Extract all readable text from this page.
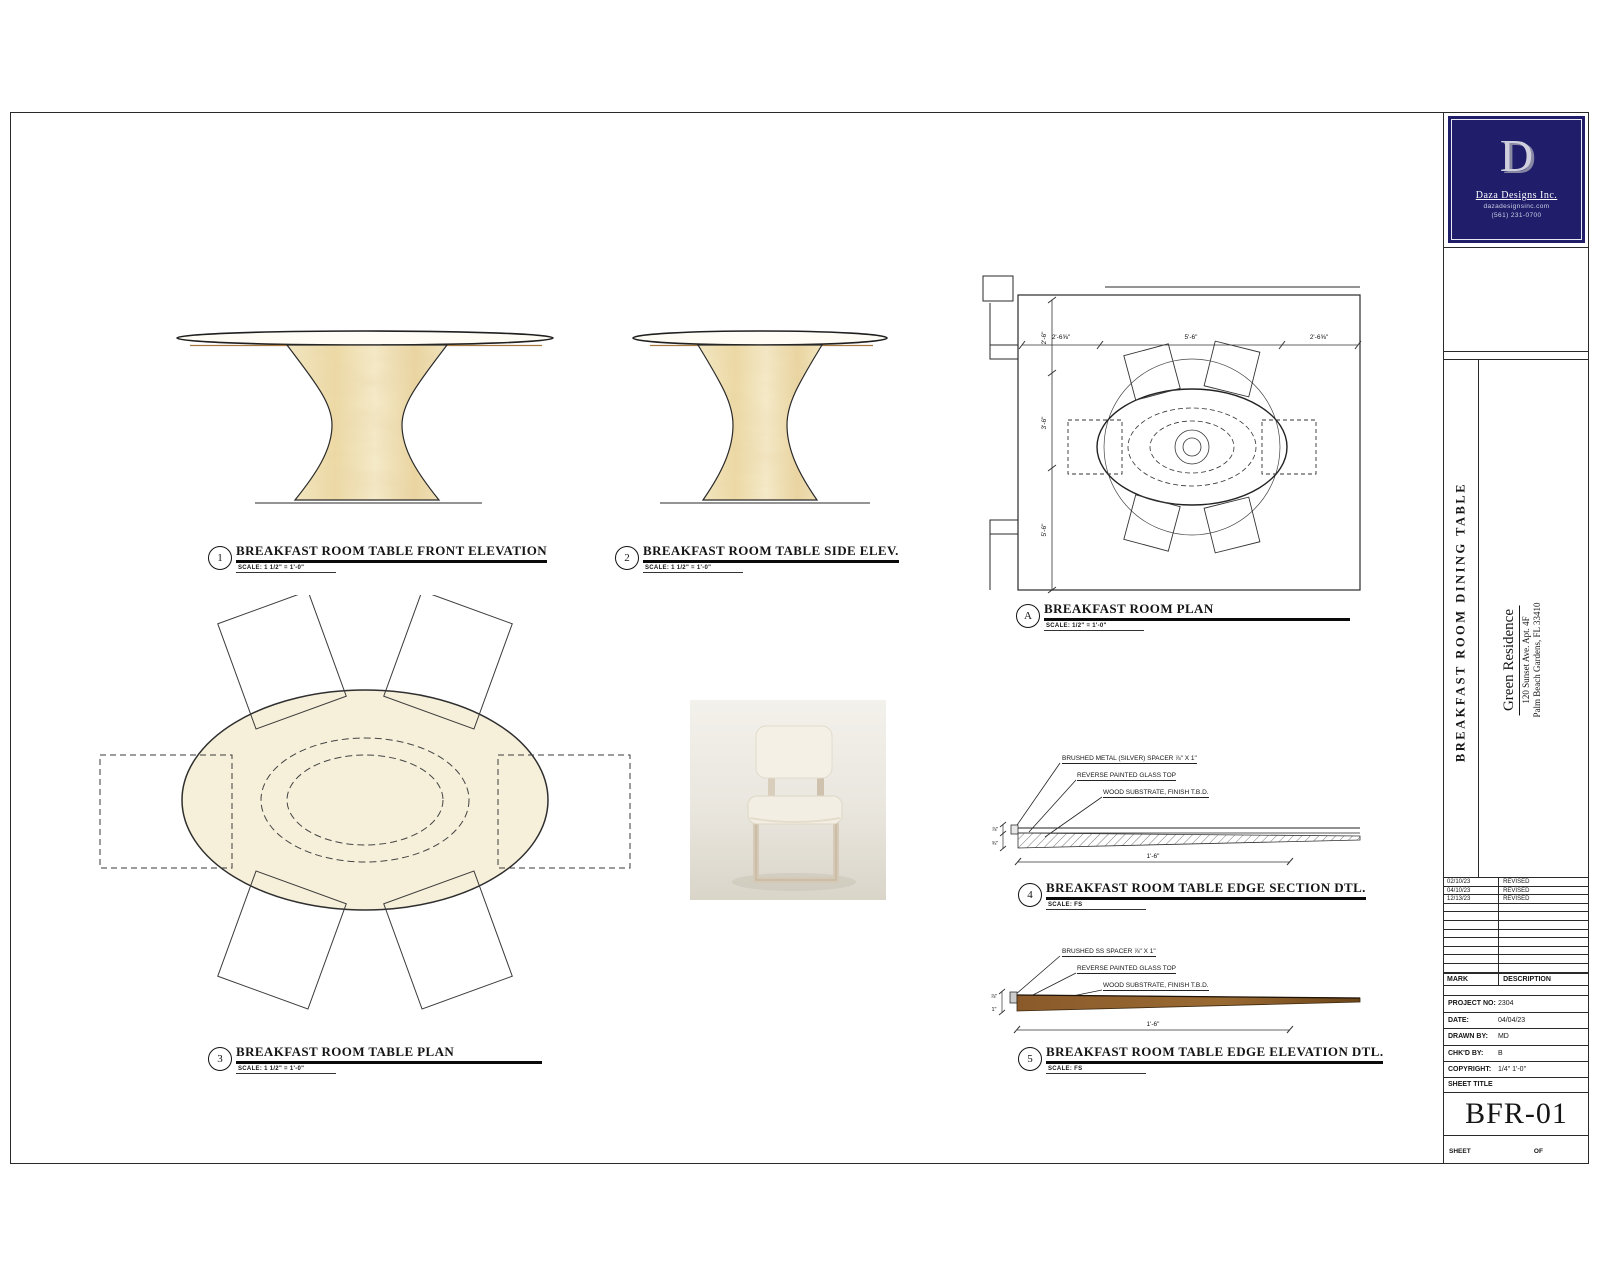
1	BREAKFAST ROOM TABLE FRONT ELEVATION
SCALE: 1 1/2" = 1'-0"
2	BREAKFAST ROOM TABLE SIDE ELEV.
SCALE: 1 1/2" = 1'-0"
2'-6⅝"	5'-6"	2'-6⅝"
2'-6"
3'-6"
5'-6"
A BREAKFAST ROOM PLAN
SCALE: 1/2" = 1'-0"
3	BREAKFAST ROOM TABLE PLAN
SCALE: 1 1/2" = 1'-0"
BRUSHED METAL (SILVER) SPACER ⅞" X 1"
REVERSE PAINTED GLASS TOP
WOOD SUBSTRATE, FINISH T.B.D.
⅞"
¾"
1'-6"
4	BREAKFAST ROOM TABLE EDGE SECTION DTL.
SCALE: FS
BRUSHED SS SPACER ⅞" X 1"
REVERSE PAINTED GLASS TOP
WOOD SUBSTRATE, FINISH T.B.D.
⅞"
1"
1'-6"
5	BREAKFAST ROOM TABLE EDGE ELEVATION DTL.
SCALE: FS
D
Daza Designs Inc.
dazadesignsinc.com
(561) 231-0700
BREAKFAST ROOM DINING TABLE Green Residence 120 Sunset Ave. Apt. 4F Palm Beach Gardens, FL 33410
02/10/23	REVISED
04/10/23	REVISED
12/13/23	REVISED
MARK	DESCRIPTION
PROJECT NO: 2304
DATE:	04/04/23
DRAWN BY: MD
CHK'D BY: B
COPYRIGHT: 1/4" 1'-0"
SHEET TITLE
BFR-01
SHEET	OF
